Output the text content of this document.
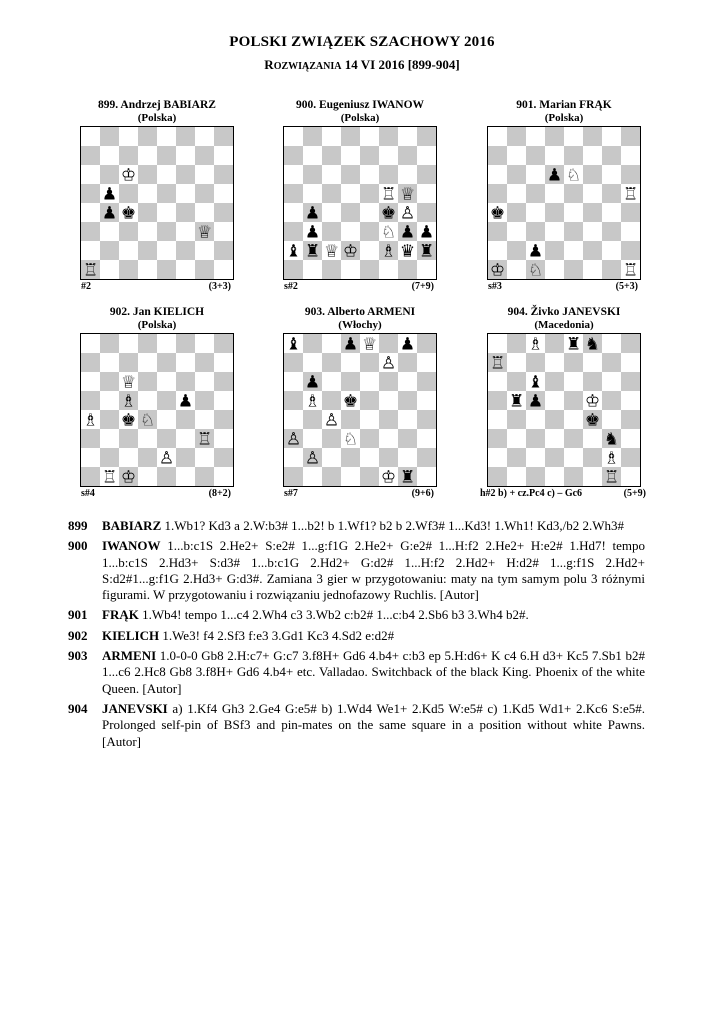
POLSKI ZWIĄZEK SZACHOWY 2016
ROZWIĄZANIA 14 VI 2016 [899-904]
899. Andrzej BABIARZ
(Polska)
♔
♟
♟ ♚
♕
♖
#2	(3+3)
900. Eugeniusz IWANOW
(Polska)
♖ ♕
♟	♚ ♙
♟	♘ ♟ ♟
♝ ♜ ♕ ♔ ♗ ♛ ♜
s#2	(7+9)
901. Marian FRĄK
(Polska)
♟ ♘
♖
♚
♟
♔ ♘	♖
s#3	(5+3)
902. Jan KIELICH
(Polska)
♕
♗ ♟
♗ ♚ ♘
♖
♙
♖ ♔
s#4	(8+2)
903. Alberto ARMENI
(Włochy)
♝ ♟ ♕ ♟
♙
♟
♗ ♚
♙
♙ ♘
♙
♔ ♜
s#7	(9+6)
904. Živko JANEVSKI
(Macedonia)
♗ ♜ ♞
♖
♝
♜ ♟ ♔
♚
♞
♗
♖
h#2 b) + cz.Pc4 c) – Gc6	(5+9)
899	BABIARZ 1.Wb1? Kd3 a 2.W:b3# 1...b2! b 1.Wf1? b2 b 2.Wf3# 1...Kd3! 1.Wh1! Kd3,/b2 2.Wh3#
900	IWANOW 1...b:c1S 2.He2+ S:e2# 1...g:f1G 2.He2+ G:e2# 1...H:f2 2.He2+ H:e2# 1.Hd7! tempo 1...b:c1S 2.Hd3+ S:d3# 1...b:c1G 2.Hd2+ G:d2# 1...H:f2 2.Hd2+ H:d2# 1...g:f1S 2.Hd2+ S:d2#1...g:f1G 2.Hd3+ G:d3#. Zamiana 3 gier w przygotowaniu: maty na tym samym polu 3 różnymi figurami. W przygotowaniu i rozwiązaniu jednofazowy Ruchlis. [Autor]
901	FRĄK 1.Wb4! tempo 1...c4 2.Wh4 c3 3.Wb2 c:b2# 1...c:b4 2.Sb6 b3 3.Wh4 b2#.
902	KIELICH 1.We3! f4 2.Sf3 f:e3 3.Gd1 Kc3 4.Sd2 e:d2#
903	ARMENI 1.0-0-0 Gb8 2.H:c7+ G:c7 3.f8H+ Gd6 4.b4+ c:b3 ep 5.H:d6+ K c4 6.H d3+ Kc5 7.Sb1 b2# 1...c6 2.Hc8 Gb8 3.f8H+ Gd6 4.b4+ etc. Valladao. Switchback of the black King. Phoenix of the white Queen. [Autor]
904	JANEVSKI a) 1.Kf4 Gh3 2.Ge4 G:e5# b) 1.Wd4 We1+ 2.Kd5 W:e5# c) 1.Kd5 Wd1+ 2.Kc6 S:e5#. Prolonged self-pin of BSf3 and pin-mates on the same square in a position without white Pawns. [Autor]
